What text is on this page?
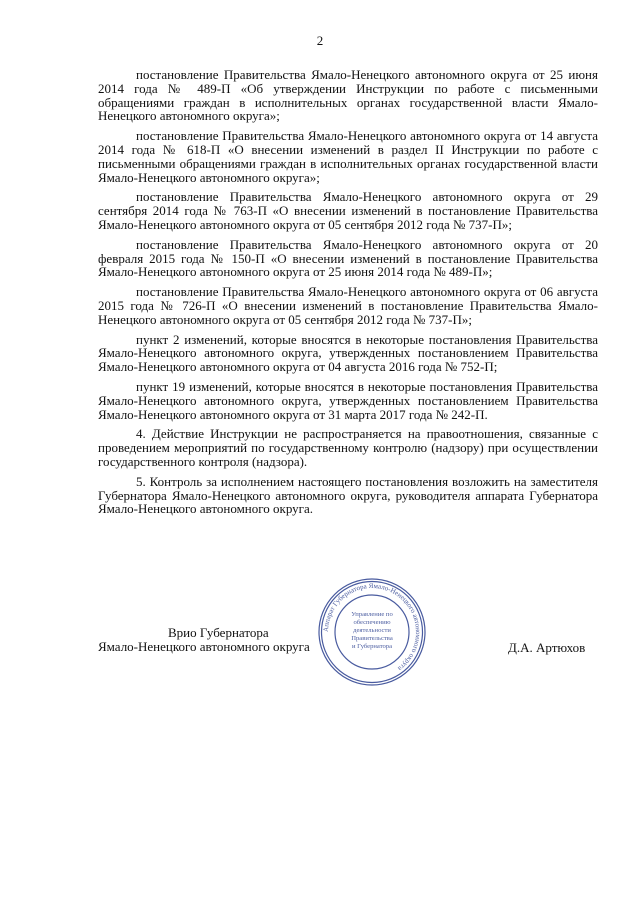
2

постановление Правительства Ямало-Ненецкого автономного округа от 25 июня 2014 года № 489-П «Об утверждении Инструкции по работе с письменными обращениями граждан в исполнительных органах государственной власти Ямало-Ненецкого автономного округа»;

постановление Правительства Ямало-Ненецкого автономного округа от 14 августа 2014 года № 618-П «О внесении изменений в раздел II Инструкции по работе с письменными обращениями граждан в исполнительных органах государственной власти Ямало-Ненецкого автономного округа»;

постановление Правительства Ямало-Ненецкого автономного округа от 29 сентября 2014 года № 763-П «О внесении изменений в постановление Правительства Ямало-Ненецкого автономного округа от 05 сентября 2012 года № 737-П»;

постановление Правительства Ямало-Ненецкого автономного округа от 20 февраля 2015 года № 150-П «О внесении изменений в постановление Правительства Ямало-Ненецкого автономного округа от 25 июня 2014 года № 489-П»;

постановление Правительства Ямало-Ненецкого автономного округа от 06 августа 2015 года № 726-П «О внесении изменений в постановление Правительства Ямало-Ненецкого автономного округа от 05 сентября 2012 года № 737-П»;

пункт 2 изменений, которые вносятся в некоторые постановления Правительства Ямало-Ненецкого автономного округа, утвержденных постановлением Правительства Ямало-Ненецкого автономного округа от 04 августа 2016 года № 752-П;

пункт 19 изменений, которые вносятся в некоторые постановления Правительства Ямало-Ненецкого автономного округа, утвержденных постановлением Правительства Ямало-Ненецкого автономного округа от 31 марта 2017 года № 242-П.

4. Действие Инструкции не распространяется на правоотношения, связанные с проведением мероприятий по государственному контролю (надзору) при осуществлении государственного контроля (надзора).

5. Контроль за исполнением настоящего постановления возложить на заместителя Губернатора Ямало-Ненецкого автономного округа, руководителя аппарата Губернатора Ямало-Ненецкого автономного округа.

Врио Губернатора
Ямало-Ненецкого автономного округа	Д.А. Артюхов
Аппарат Губернатора Ямало-Ненецкого автономного округа
Управление по
обеспечению
деятельности
Правительства
и Губернатора
